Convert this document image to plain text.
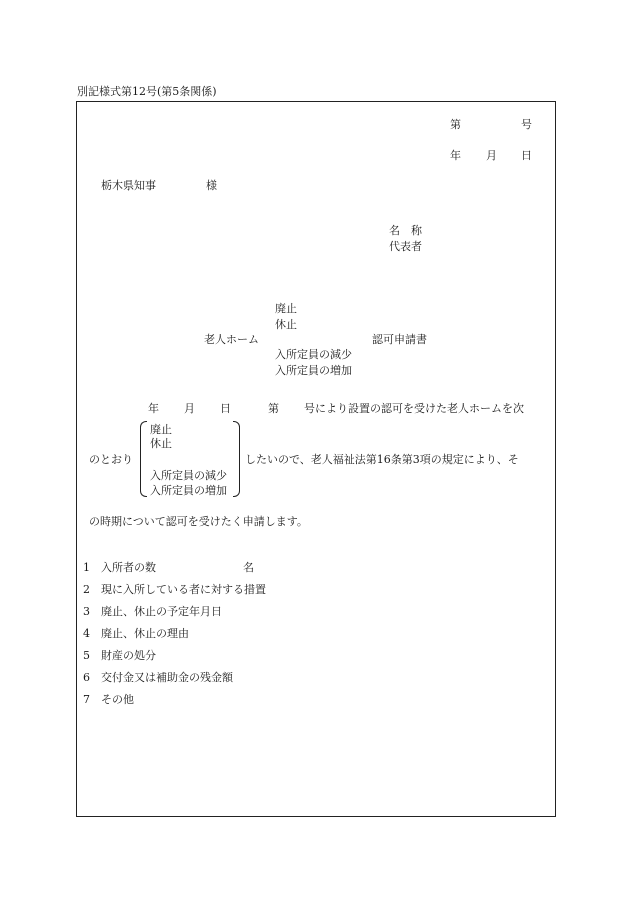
別記様式第12号(第5条関係)
第	号
年 月 日
栃木県知事	様
名　称
代表者
廃止
休止
老人ホーム	認可申請書
入所定員の減少
入所定員の増加
年 月 日	第 号により設置の認可を受けた老人ホームを次
のとおり
廃止
休止
入所定員の減少
入所定員の増加
したいので、老人福祉法第16条第3項の規定により、そ
の時期について認可を受けたく申請します。
1 入所者の数	名
2 現に入所している者に対する措置
3 廃止、休止の予定年月日
4 廃止、休止の理由
5 財産の処分
6 交付金又は補助金の残金額
7 その他
